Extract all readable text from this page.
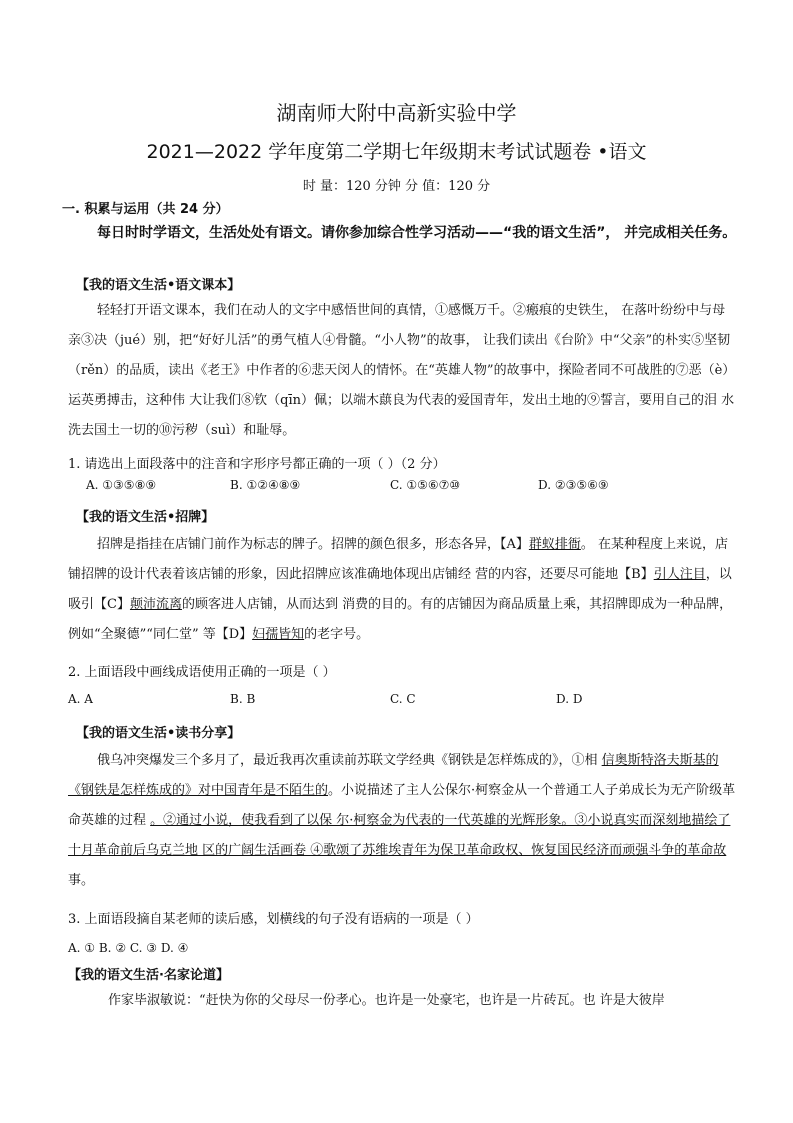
湖南师大附中高新实验中学
2021—2022 学年度第二学期七年级期末考试试题卷 •语文
时 量：120 分钟 分 值：120 分
一. 积累与运用（共 24 分）
每日时时学语文，生活处处有语文。请你参加综合性学习活动——“我的语文生活”， 并完成相关任务。
【我的语文生活•语文课本】
轻轻打开语文课本，我们在动人的文字中感悟世间的真情，①感慨万千。②瘢痕的史铁生， 在落叶纷纷中与母亲③决（jué）别，把“好好儿活”的勇气植人④骨髓。“小人物”的故事， 让我们读出《台阶》中“父亲”的朴实⑤坚韧（rěn）的品质，读出《老王》中作者的⑥悲天闵人的情怀。在“英雄人物”的故事中，探险者同不可战胜的⑦恶（è）运英勇搏击，这种伟 大让我们⑧钦（qīn）佩；以端木蕻良为代表的爱国青年，发出土地的⑨誓言，要用自己的泪 水洗去国土一切的⑩污秽（suì）和耻辱。
1. 请选出上面段落中的注音和字形序号都正确的一项（ ）（2 分）
A. ①③⑤⑧⑨	B. ①②④⑧⑨	C. ①⑤⑥⑦⑩	D. ②③⑤⑥⑨
【我的语文生活•招牌】
招牌是指挂在店铺门前作为标志的牌子。招牌的颜色很多，形态各异，【A】群蚁排衙。 在某种程度上来说，店铺招牌的设计代表着该店铺的形象，因此招牌应该准确地体现出店铺经 营的内容，还要尽可能地【B】引人注目，以吸引【C】颠沛流离的顾客进人店铺，从而达到 消费的目的。有的店铺因为商品质量上乘，其招牌即成为一种品牌，例如“全聚德”“同仁堂” 等【D】妇孺皆知的老字号。
2. 上面语段中画线成语使用正确的一项是（ ）
A. A	B. B	C. C	D. D
【我的语文生活•读书分享】
俄乌冲突爆发三个多月了，最近我再次重读前苏联文学经典《钢铁是怎样炼成的》，①相 信奥斯特洛夫斯基的《钢铁是怎样炼成的》对中国青年是不陌生的。小说描述了主人公保尔·柯察金从一个普通工人子弟成长为无产阶级革命英雄的过程 。②通过小说，使我看到了以保 尔·柯察金为代表的一代英雄的光辉形象。③小说真实而深刻地描绘了十月革命前后乌克兰地 区的广阔生活画卷 ④歌颂了苏维埃青年为保卫革命政权、恢复国民经济而顽强斗争的革命故 事。
3. 上面语段摘自某老师的读后感，划横线的句子没有语病的一项是（ ）
A. ① B. ② C. ③ D. ④
【我的语文生活·名家论道】
作家毕淑敏说：“赶快为你的父母尽一份孝心。也许是一处豪宅，也许是一片砖瓦。也 许是大彼岸
